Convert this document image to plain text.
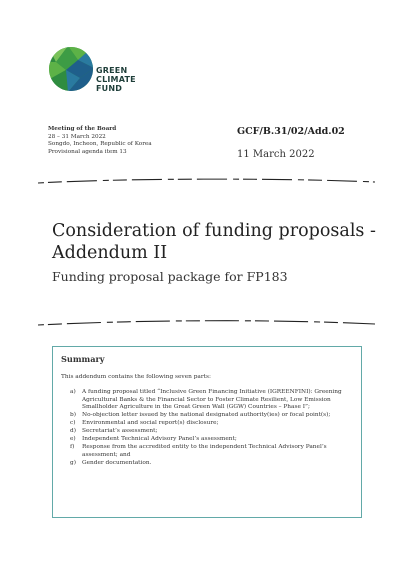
GREEN
CLIMATE
FUND
Meeting of the Board
28 – 31 March 2022
Songdo, Incheon, Republic of Korea
Provisional agenda item 13
GCF/B.31/02/Add.02
11 March 2022
Consideration of funding proposals -
Addendum II
Funding proposal package for FP183
Summary
This addendum contains the following seven parts:
a)	A funding proposal titled “Inclusive Green Financing Initiative (IGREENFINI): Greening Agricultural Banks & the Financial Sector to Foster Climate Resilient, Low Emission Smallholder Agriculture in the Great Green Wall (GGW) Countries – Phase I”;
b)	No-objection letter issued by the national designated authority(ies) or focal point(s);
c)	Environmental and social report(s) disclosure;
d)	Secretariat’s assessment;
e)	Independent Technical Advisory Panel’s assessment;
f)	Response from the accredited entity to the independent Technical Advisory Panel’s assessment; and
g)	Gender documentation.
